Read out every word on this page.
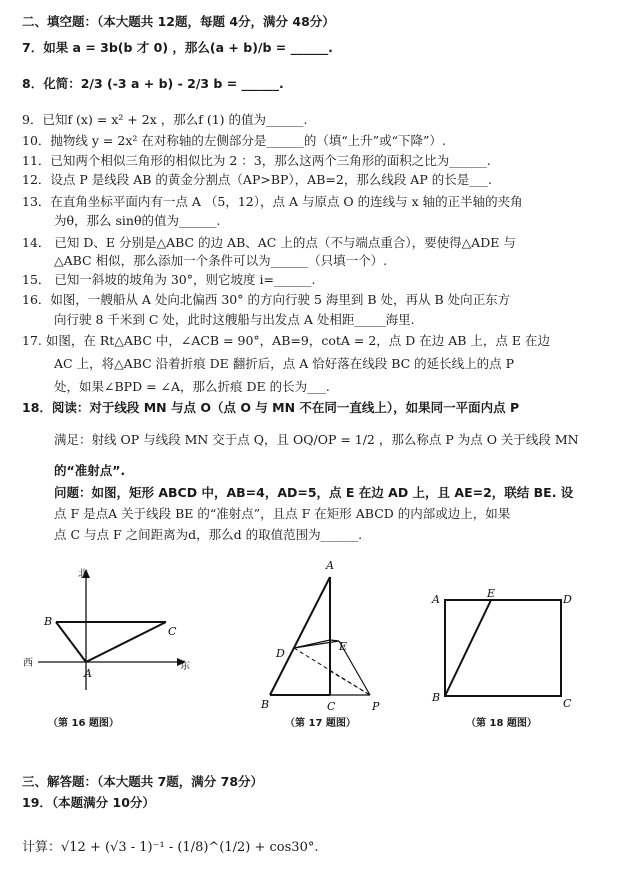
二、填空题：（本大题共 12题，每题 4分，满分 48分）
7．如果 a = 3b(b 才 0) ，那么(a + b)/b = ______.
8．化简：2/3 (-3 a + b) - 2/3 b = ______.
9．已知f (x) = x² + 2x ，那么f (1) 的值为______.
10．抛物线 y = 2x² 在对称轴的左侧部分是______的（填“上升”或“下降”）.
11．已知两个相似三角形的相似比为 2 ：3，那么这两个三角形的面积之比为______.
12．设点 P 是线段 AB 的黄金分割点（AP>BP），AB=2，那么线段 AP 的长是___.
13．在直角坐标平面内有一点 A （5，12），点 A 与原点 O 的连线与 x 轴的正半轴的夹角
为θ，那么 sinθ的值为______.
14． 已知 D、E 分别是△ABC 的边 AB、AC 上的点（不与端点重合），要使得△ADE 与
△ABC 相似，那么添加一个条件可以为______（只填一个）.
15． 已知一斜坡的坡角为 30°，则它坡度 i=______.
16．如图，一艘船从 A 处向北偏西 30° 的方向行驶 5 海里到 B 处，再从 B 处向正东方
向行驶 8 千米到 C 处，此时这艘船与出发点 A 处相距_____海里.
17. 如图，在 Rt△ABC 中，∠ACB = 90°，AB=9，cotA = 2，点 D 在边 AB 上，点 E 在边
AC 上，将△ABC 沿着折痕 DE 翻折后，点 A 恰好落在线段 BC 的延长线上的点 P
处，如果∠BPD = ∠A，那么折痕 DE 的长为___.
18．阅读：对于线段 MN 与点 O（点 O 与 MN 不在同一直线上），如果同一平面内点 P
满足：射线 OP 与线段 MN 交于点 Q，且 OQ/OP = 1/2 ，那么称点 P 为点 O 关于线段 MN
的“准射点”.
问题：如图，矩形 ABCD 中，AB=4，AD=5，点 E 在边 AD 上，且 AE=2，联结 BE. 设
点 F 是点A 关于线段 BE 的“准射点”，且点 F 在矩形 ABCD 的内部或边上，如果
点 C 与点 F 之间距离为d，那么d 的取值范围为______.
北
西	东
B
C
A
（第 16 题图）
A
E
D
B	C	P
（第 17 题图）
A	E	D
B	C
（第 18 题图）
三、解答题：（本大题共 7题，满分 78分）
19．（本题满分 10分）
计算：√12 + (√3 - 1)⁻¹ - (1/8)^(1/2) + cos30°.
